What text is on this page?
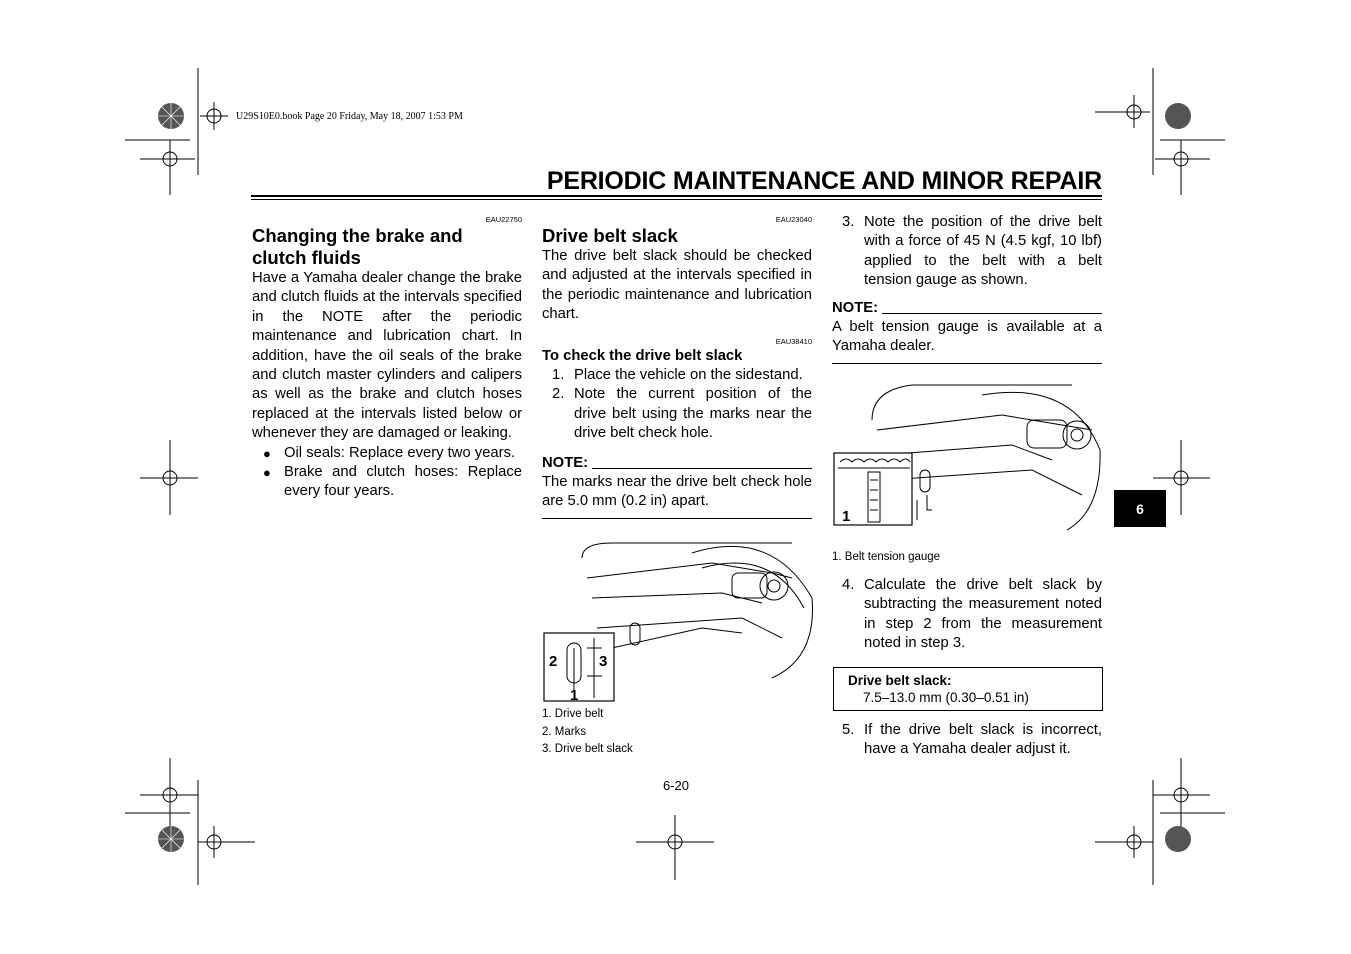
U29S10E0.book Page 20 Friday, May 18, 2007 1:53 PM
PERIODIC MAINTENANCE AND MINOR REPAIR
EAU22750
Changing the brake and clutch fluids

Have a Yamaha dealer change the brake and clutch fluids at the intervals specified in the NOTE after the periodic maintenance and lubrication chart. In addition, have the oil seals of the brake and clutch master cylinders and calipers as well as the brake and clutch hoses replaced at the intervals listed below or whenever they are damaged or leaking.

● Oil seals: Replace every two years.
● Brake and clutch hoses: Replace every four years.
EAU23040
Drive belt slack

The drive belt slack should be checked and adjusted at the intervals specified in the periodic maintenance and lubrication chart.

EAU38410
To check the drive belt slack
1. Place the vehicle on the sidestand.
2. Note the current position of the drive belt using the marks near the drive belt check hole.
NOTE:

The marks near the drive belt check hole are 5.0 mm (0.2 in) apart.

2	3
1
1. Drive belt
2. Marks
3. Drive belt slack
3. Note the position of the drive belt with a force of 45 N (4.5 kgf, 10 lbf) applied to the belt with a belt tension gauge as shown.
NOTE:

A belt tension gauge is available at a Yamaha dealer.

1
1. Belt tension gauge
4. Calculate the drive belt slack by subtracting the measurement noted in step 2 from the measurement noted in step 3.
Drive belt slack:
7.5–13.0 mm (0.30–0.51 in)
5. If the drive belt slack is incorrect, have a Yamaha dealer adjust it.
6
6-20
